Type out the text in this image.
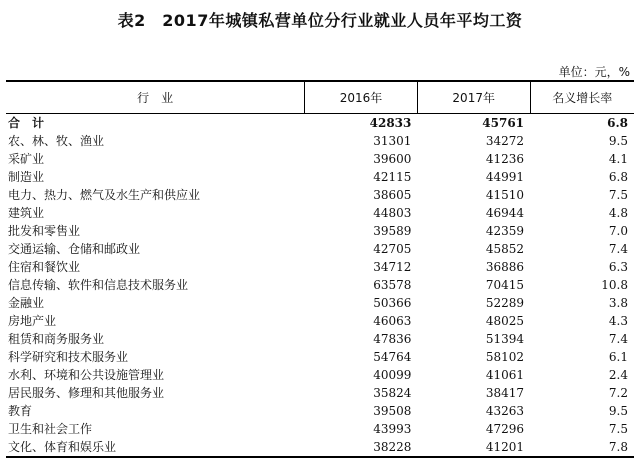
表2　2017年城镇私营单位分行业就业人员年平均工资
单位：元，%
行　业	2016年	2017年	名义增长率
合　计	42833	45761	6.8
农、林、牧、渔业	31301	34272	9.5
采矿业	39600	41236	4.1
制造业	42115	44991	6.8
电力、热力、燃气及水生产和供应业	38605	41510	7.5
建筑业	44803	46944	4.8
批发和零售业	39589	42359	7.0
交通运输、仓储和邮政业	42705	45852	7.4
住宿和餐饮业	34712	36886	6.3
信息传输、软件和信息技术服务业	63578	70415	10.8
金融业	50366	52289	3.8
房地产业	46063	48025	4.3
租赁和商务服务业	47836	51394	7.4
科学研究和技术服务业	54764	58102	6.1
水利、环境和公共设施管理业	40099	41061	2.4
居民服务、修理和其他服务业	35824	38417	7.2
教育	39508	43263	9.5
卫生和社会工作	43993	47296	7.5
文化、体育和娱乐业	38228	41201	7.8
